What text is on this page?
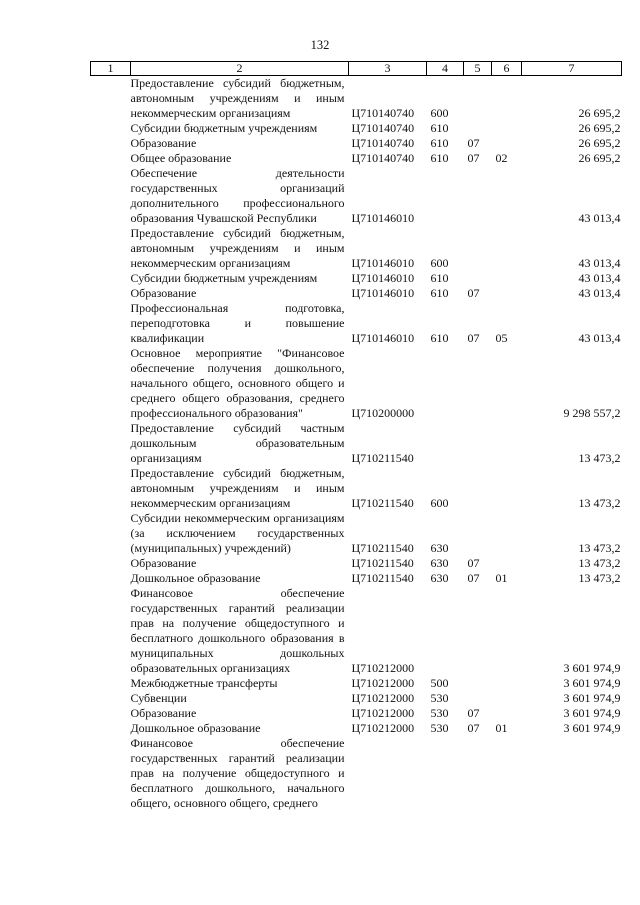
132
1	2	3	4	5	6	7
	Предоставление субсидий бюджетным, автономным учреждениям и иным некоммерческим организациям	Ц710140740	600			26 695,2
	Субсидии бюджетным учреждениям	Ц710140740	610			26 695,2
	Образование	Ц710140740	610	07		26 695,2
	Общее образование	Ц710140740	610	07	02	26 695,2
	Обеспечение деятельности государственных организаций дополнительного профессионального образования Чувашской Республики	Ц710146010				43 013,4
	Предоставление субсидий бюджетным, автономным учреждениям и иным некоммерческим организациям	Ц710146010	600			43 013,4
	Субсидии бюджетным учреждениям	Ц710146010	610			43 013,4
	Образование	Ц710146010	610	07		43 013,4
	Профессиональная подготовка, переподготовка и повышение квалификации	Ц710146010	610	07	05	43 013,4
	Основное мероприятие "Финансовое обеспечение получения дошкольного, начального общего, основного общего и среднего общего образования, среднего профессионального образования"	Ц710200000				9 298 557,2
	Предоставление субсидий частным дошкольным образовательным организациям	Ц710211540				13 473,2
	Предоставление субсидий бюджетным, автономным учреждениям и иным некоммерческим организациям	Ц710211540	600			13 473,2
	Субсидии некоммерческим организациям (за исключением государственных (муниципальных) учреждений)	Ц710211540	630			13 473,2
	Образование	Ц710211540	630	07		13 473,2
	Дошкольное образование	Ц710211540	630	07	01	13 473,2
	Финансовое обеспечение государственных гарантий реализации прав на получение общедоступного и бесплатного дошкольного образования в муниципальных дошкольных образовательных организациях	Ц710212000				3 601 974,9
	Межбюджетные трансферты	Ц710212000	500			3 601 974,9
	Субвенции	Ц710212000	530			3 601 974,9
	Образование	Ц710212000	530	07		3 601 974,9
	Дошкольное образование	Ц710212000	530	07	01	3 601 974,9
	Финансовое обеспечение государственных гарантий реализации прав на получение общедоступного и бесплатного дошкольного, начального общего, основного общего, среднего					
